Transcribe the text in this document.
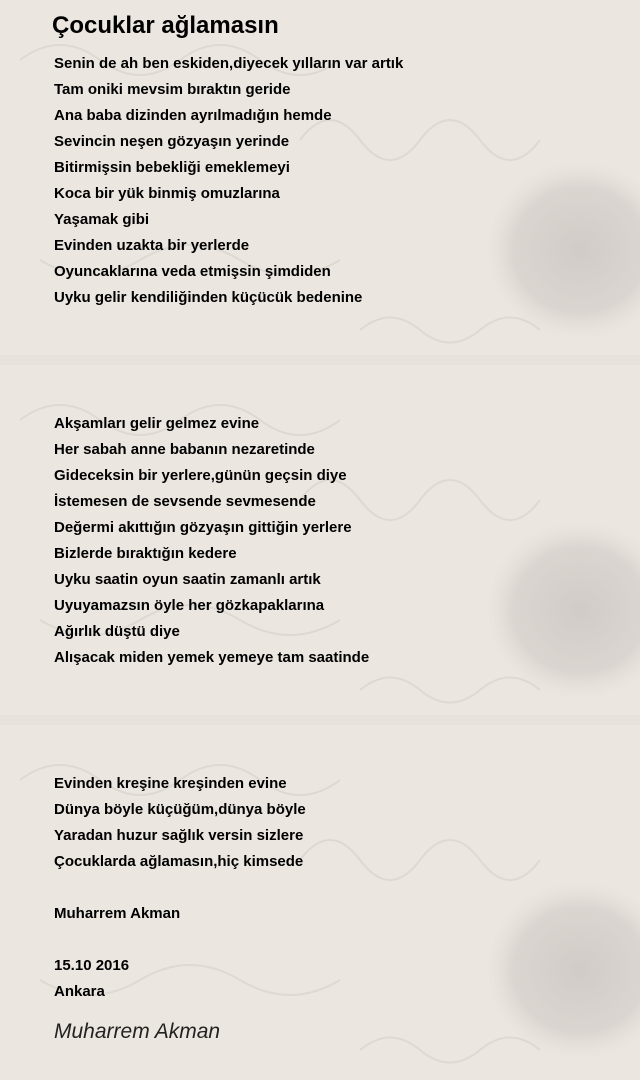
Çocuklar ağlamasın
Senin de ah ben eskiden,diyecek yılların var artık
Tam oniki mevsim bıraktın geride
Ana baba dizinden ayrılmadığın hemde
Sevincin neşen gözyaşın yerinde
Bitirmişsin bebekliği emeklemeyi
Koca bir yük binmiş omuzlarına
Yaşamak gibi
Evinden uzakta bir yerlerde
Oyuncaklarına veda etmişsin şimdiden
Uyku gelir kendiliğinden küçücük bedenine
Akşamları gelir gelmez evine
Her sabah anne babanın nezaretinde
Gideceksin bir yerlere,günün geçsin diye
İstemesen de sevsende sevmesende
Değermi akıttığın gözyaşın gittiğin yerlere
Bizlerde bıraktığın kedere
Uyku saatin oyun saatin zamanlı artık
Uyuyamazsın öyle her gözkapaklarına
Ağırlık düştü diye
Alışacak miden yemek yemeye tam saatinde
Evinden kreşine kreşinden evine
Dünya böyle küçüğüm,dünya böyle
Yaradan huzur sağlık versin sizlere
Çocuklarda ağlamasın,hiç kimsede
Muharrem Akman
15.10 2016
Ankara
Muharrem Akman
